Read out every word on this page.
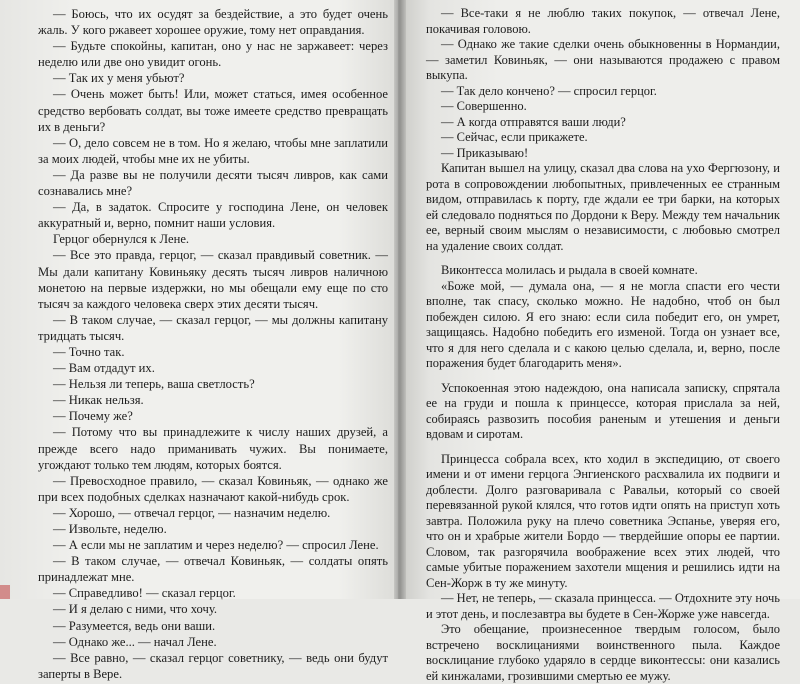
— Боюсь, что их осудят за бездействие, а это будет очень жаль. У кого ржавеет хорошее оружие, тому нет оправдания.

— Будьте спокойны, капитан, оно у нас не заржавеет: через неделю или две оно увидит огонь.

— Так их у меня убьют?

— Очень может быть! Или, может статься, имея особенное средство вербовать солдат, вы тоже имеете средство превращать их в деньги?

— О, дело совсем не в том. Но я желаю, чтобы мне заплатили за моих людей, чтобы мне их не убиты.

— Да разве вы не получили десяти тысяч ливров, как сами сознавались мне?

— Да, в задаток. Спросите у господина Лене, он человек аккуратный и, верно, помнит наши условия.

Герцог обернулся к Лене.

— Все это правда, герцог, — сказал правдивый советник. — Мы дали капитану Ковиньяку десять тысяч ливров наличною монетою на первые издержки, но мы обещали ему еще по сто тысяч за каждого человека сверх этих десяти тысяч.

— В таком случае, — сказал герцог, — мы должны капитану тридцать тысяч.

— Точно так.

— Вам отдадут их.

— Нельзя ли теперь, ваша светлость?

— Никак нельзя.

— Почему же?

— Потому что вы принадлежите к числу наших друзей, а прежде всего надо приманивать чужих. Вы понимаете, угождают только тем людям, которых боятся.

— Превосходное правило, — сказал Ковиньяк, — однако же при всех подобных сделках назначают какой-нибудь срок.

— Хорошо, — отвечал герцог, — назначим неделю.

— Извольте, неделю.

— А если мы не заплатим и через неделю? — спросил Лене.

— В таком случае, — отвечал Ковиньяк, — солдаты опять принадлежат мне.

— Справедливо! — сказал герцог.

— И я делаю с ними, что хочу.

— Разумеется, ведь они ваши.

— Однако же... — начал Лене.

— Все равно, — сказал герцог советнику, — ведь они будут заперты в Вере.

— Все-таки я не люблю таких покупок, — отвечал Лене, покачивая головою.

— Однако же такие сделки очень обыкновенны в Нормандии, — заметил Ковиньяк, — они называются продажею с правом выкупа.

— Так дело кончено? — спросил герцог.

— Совершенно.

— А когда отправятся ваши люди?

— Сейчас, если прикажете.

— Приказываю!

Капитан вышел на улицу, сказал два слова на ухо Фергюзону, и рота в сопровождении любопытных, привлеченных ее странным видом, отправилась к порту, где ждали ее три барки, на которых ей следовало подняться по Дордони к Веру. Между тем начальник ее, верный своим мыслям о независимости, с любовью смотрел на удаление своих солдат.

Виконтесса молилась и рыдала в своей комнате.

«Боже мой, — думала она, — я не могла спасти его чести вполне, так спасу, сколько можно. Не надобно, чтоб он был побежден силою. Я его знаю: если сила победит его, он умрет, защищаясь. Надобно победить его изменой. Тогда он узнает все, что я для него сделала и с какою целью сделала, и, верно, после поражения будет благодарить меня».

Успокоенная этою надеждою, она написала записку, спрятала ее на груди и пошла к принцессе, которая прислала за ней, собираясь развозить пособия раненым и утешения и деньги вдовам и сиротам.

Принцесса собрала всех, кто ходил в экспедицию, от своего имени и от имени герцога Энгиенского расхвалила их подвиги и доблести. Долго разговаривала с Равальи, который со своей перевязанной рукой клялся, что готов идти опять на приступ хоть завтра. Положила руку на плечо советника Эспанье, уверяя его, что он и храбрые жители Бордо — твердейшие опоры ее партии. Словом, так разгорячила воображение всех этих людей, что самые убитые поражением захотели мщения и решились идти на Сен-Жорж в ту же минуту.

— Нет, не теперь, — сказала принцесса. — Отдохните эту ночь и этот день, и послезавтра вы будете в Сен-Жорже уже навсегда.

Это обещание, произнесенное твердым голосом, было встречено восклицаниями воинственного пыла. Каждое восклицание глубоко ударяло в сердце виконтессы: они казались ей кинжалами, грозившими смертью ее мужу.
